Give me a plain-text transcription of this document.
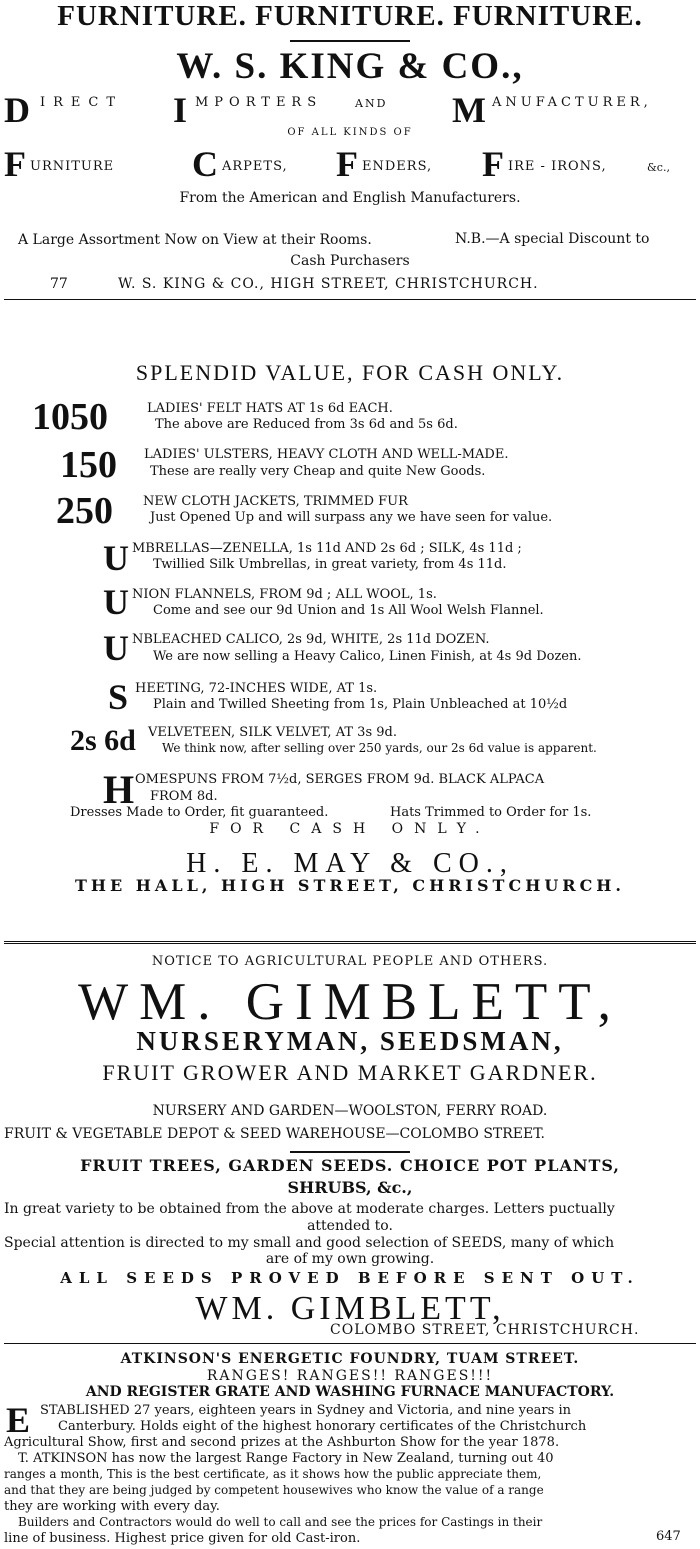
FURNITURE. FURNITURE. FURNITURE.
W. S. KING & CO.,
D IRECT I MPORTERS	AND M ANUFACTURER,
OF ALL KINDS OF
F URNITURE C ARPETS, F ENDERS, F IRE - IRONS,	&c.,
From the American and English Manufacturers.
A Large Assortment Now on View at their Rooms.	N.B.—A special Discount to
Cash Purchasers
77	W. S. KING & CO., HIGH STREET, CHRISTCHURCH.
SPLENDID VALUE, FOR CASH ONLY.
1050	LADIES' FELT HATS AT 1s 6d EACH.
The above are Reduced from 3s 6d and 5s 6d.
150 LADIES' ULSTERS, HEAVY CLOTH AND WELL-MADE.
These are really very Cheap and quite New Goods.
250 NEW CLOTH JACKETS, TRIMMED FUR
Just Opened Up and will surpass any we have seen for value.
U MBRELLAS—ZENELLA, 1s 11d AND 2s 6d ; SILK, 4s 11d ;
Twillied Silk Umbrellas, in great variety, from 4s 11d.
U NION FLANNELS, FROM 9d ; ALL WOOL, 1s.
Come and see our 9d Union and 1s All Wool Welsh Flannel.
U NBLEACHED CALICO, 2s 9d, WHITE, 2s 11d DOZEN.
We are now selling a Heavy Calico, Linen Finish, at 4s 9d Dozen.
S HEETING, 72-INCHES WIDE, AT 1s.
Plain and Twilled Sheeting from 1s, Plain Unbleached at 10½d
2s 6d VELVETEEN, SILK VELVET, AT 3s 9d.
We think now, after selling over 250 yards, our 2s 6d value is apparent.
H OMESPUNS FROM 7½d, SERGES FROM 9d. BLACK ALPACA
FROM 8d.
Dresses Made to Order, fit guaranteed.	Hats Trimmed to Order for 1s.
FOR CASH ONLY.
H. E. MAY & CO.,
THE HALL, HIGH STREET, CHRISTCHURCH.
NOTICE TO AGRICULTURAL PEOPLE AND OTHERS.
WM. GIMBLETT,
NURSERYMAN, SEEDSMAN,
FRUIT GROWER AND MARKET GARDNER.
NURSERY AND GARDEN—WOOLSTON, FERRY ROAD.
FRUIT & VEGETABLE DEPOT & SEED WAREHOUSE—COLOMBO STREET.
FRUIT TREES, GARDEN SEEDS. CHOICE POT PLANTS,
SHRUBS, &c.,
In great variety to be obtained from the above at moderate charges. Letters puctually
attended to.
Special attention is directed to my small and good selection of SEEDS, many of which
are of my own growing.
ALL SEEDS PROVED BEFORE SENT OUT.
WM. GIMBLETT,
COLOMBO STREET, CHRISTCHURCH.
ATKINSON'S ENERGETIC FOUNDRY, TUAM STREET.
RANGES! RANGES!! RANGES!!!
AND REGISTER GRATE AND WASHING FURNACE MANUFACTORY.
E STABLISHED 27 years, eighteen years in Sydney and Victoria, and nine years in
Canterbury. Holds eight of the highest honorary certificates of the Christchurch
Agricultural Show, first and second prizes at the Ashburton Show for the year 1878.
T. ATKINSON has now the largest Range Factory in New Zealand, turning out 40
ranges a month, This is the best certificate, as it shows how the public appreciate them,
and that they are being judged by competent housewives who know the value of a range
they are working with every day.
Builders and Contractors would do well to call and see the prices for Castings in their
line of business. Highest price given for old Cast-iron.	647
